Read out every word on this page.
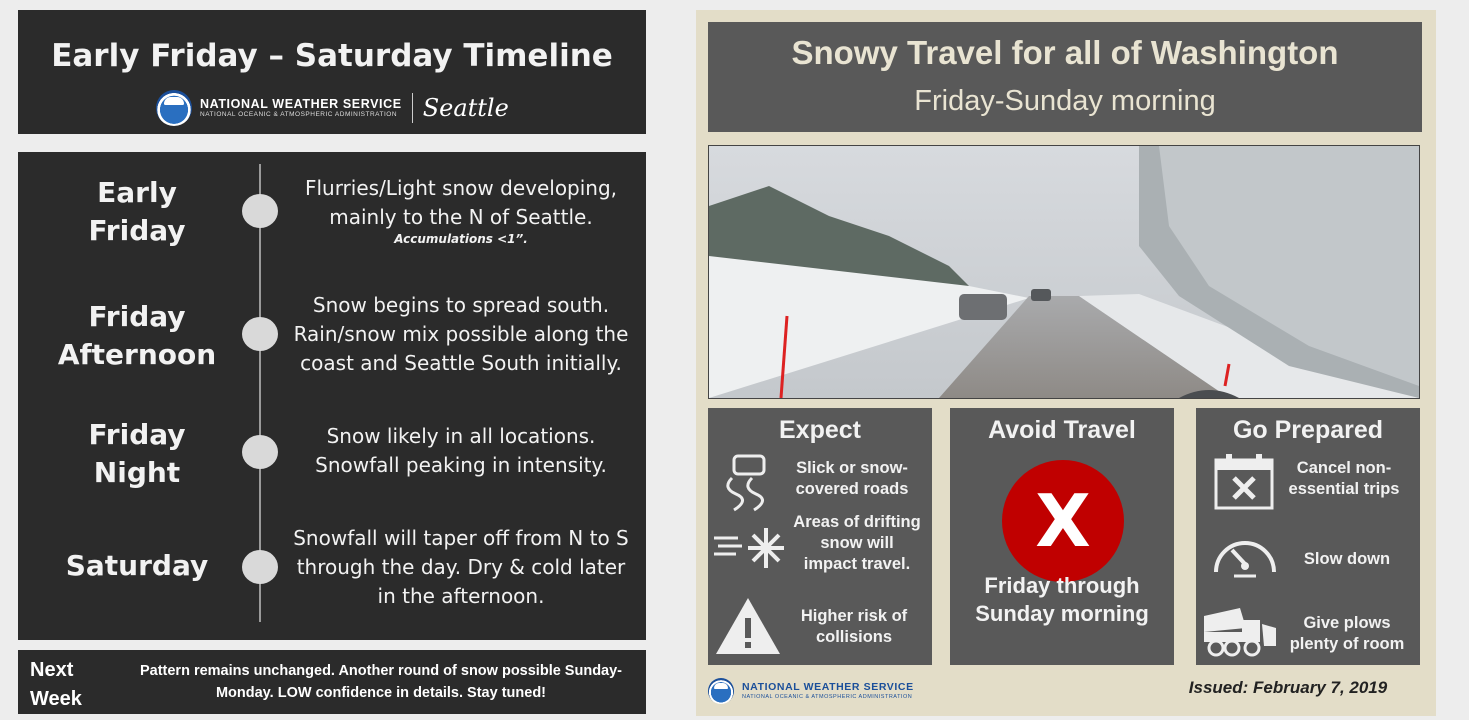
Early Friday – Saturday Timeline
NATIONAL WEATHER SERVICE
NATIONAL OCEANIC & ATMOSPHERIC ADMINISTRATION Seattle
Early
Friday
Flurries/Light snow developing, mainly to the N of Seattle.
Accumulations <1”.
Friday
Afternoon
Snow begins to spread south. Rain/snow mix possible along the coast and Seattle South initially.
Friday
Night
Snow likely in all locations. Snowfall peaking in intensity.
Saturday
Snowfall will taper off from N to S through the day. Dry & cold later in the afternoon.
Next Week
Pattern remains unchanged. Another round of snow possible Sunday-Monday. LOW confidence in details. Stay tuned!
Snowy Travel for all of Washington
Friday-Sunday morning
Expect
Slick or snow-covered roads
Areas of drifting snow will impact travel.
Higher risk of collisions
Avoid Travel
X
Friday through Sunday morning
Go Prepared
Cancel non-essential trips
Slow down
Give plows plenty of room
NATIONAL WEATHER SERVICE
NATIONAL OCEANIC & ATMOSPHERIC ADMINISTRATION	Issued: February 7, 2019
